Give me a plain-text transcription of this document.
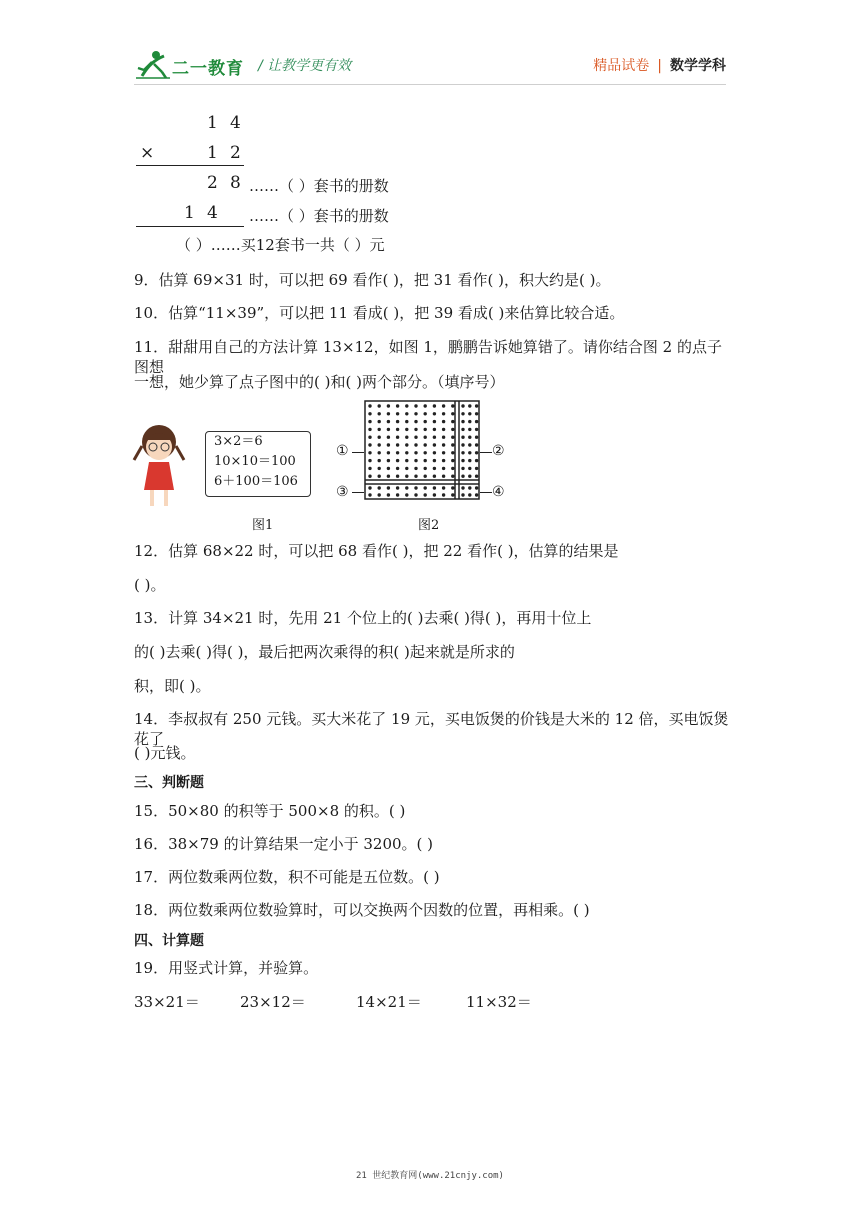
二一教育 / 让教学更有效	精品试卷 | 数学学科
1 4
×	1 2
2 8 ……（ ）套书的册数
1 4 ……（ ）套书的册数
（ ）……买12套书一共（ ）元
9．估算 69×31 时，可以把 69 看作( )，把 31 看作( )，积大约是( )。
10．估算“11×39”，可以把 11 看成( )，把 39 看成( )来估算比较合适。
11．甜甜用自己的方法计算 13×12，如图 1，鹏鹏告诉她算错了。请你结合图 2 的点子图想
一想，她少算了点子图中的( )和( )两个部分。（填序号）
3×2＝6
10×10＝100
6＋100＝106
图1
①	②
③	④
图2
12．估算 68×22 时，可以把 68 看作( )，把 22 看作( )，估算的结果是
( )。
13．计算 34×21 时，先用 21 个位上的( )去乘( )得( )，再用十位上
的( )去乘( )得( )，最后把两次乘得的积( )起来就是所求的
积，即( )。
14．李叔叔有 250 元钱。买大米花了 19 元，买电饭煲的价钱是大米的 12 倍，买电饭煲花了
( )元钱。
三、判断题
15．50×80 的积等于 500×8 的积。( )
16．38×79 的计算结果一定小于 3200。( )
17．两位数乘两位数，积不可能是五位数。( )
18．两位数乘两位数验算时，可以交换两个因数的位置，再相乘。( )
四、计算题
19．用竖式计算，并验算。
33×21＝	23×12＝	14×21＝	11×32＝
21 世纪教育网(www.21cnjy.com)
